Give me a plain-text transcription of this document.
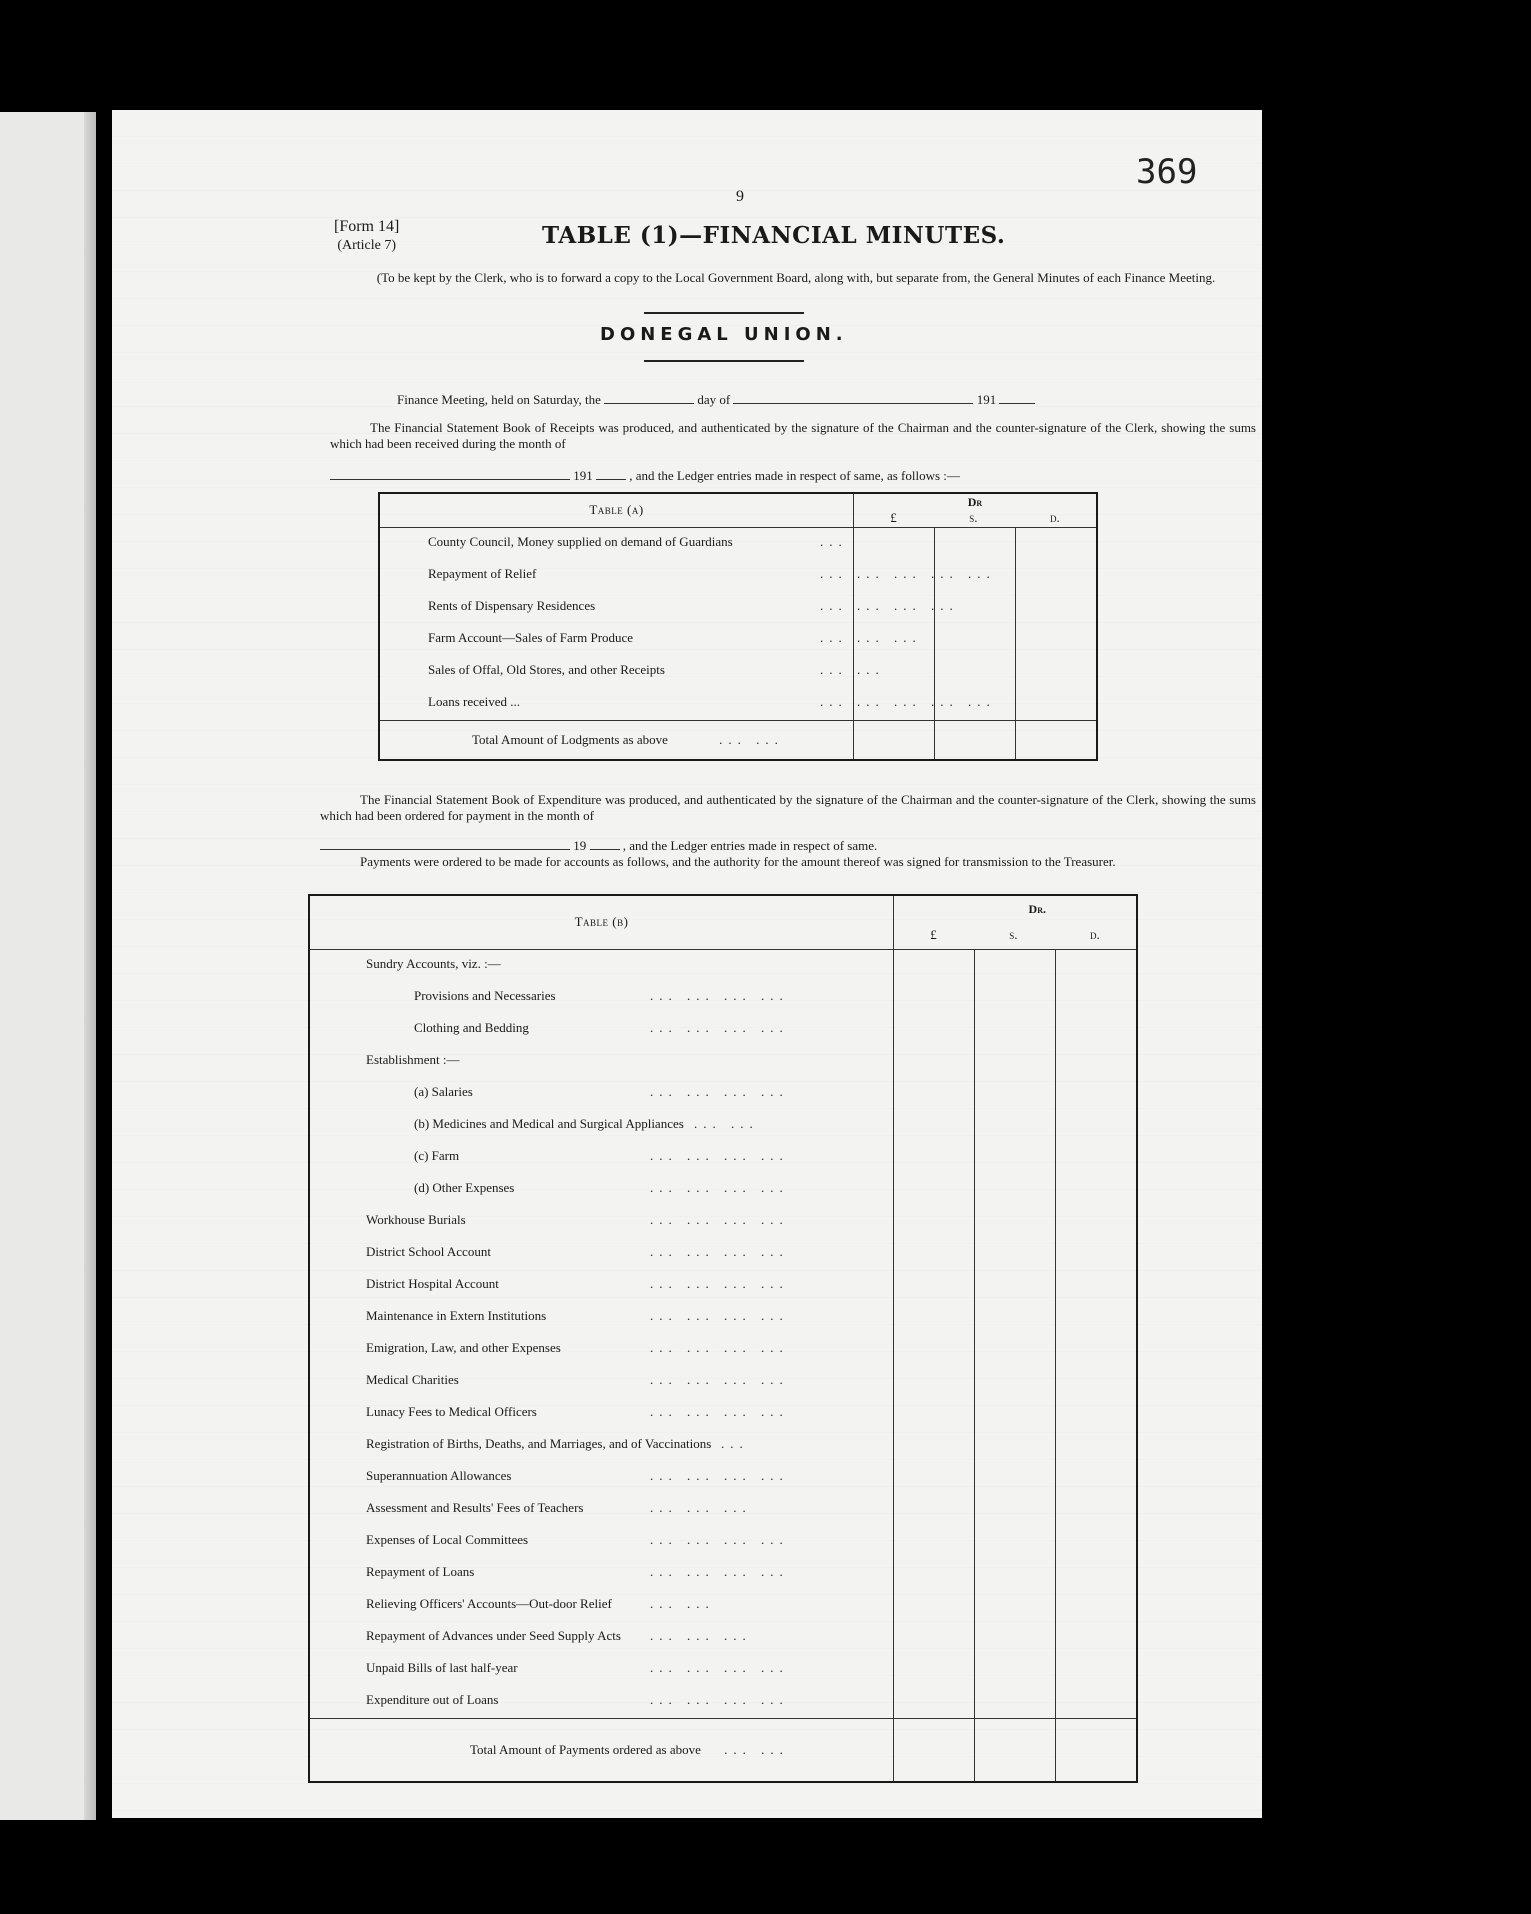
369
9
[Form 14]
(Article 7)	TABLE (1)—FINANCIAL MINUTES.
(To be kept by the Clerk, who is to forward a copy to the Local Government Board, along with, but separate from, the General Minutes of each Finance Meeting.
DONEGAL UNION.
Finance Meeting, held on Saturday, the	day of	191
The Financial Statement Book of Receipts was produced, and authenticated by the signature of the Chairman and the counter-signature of the Clerk, showing the sums which had been received during the month of
191	, and the Ledger entries made in respect of same, as follows :—
Table (a)	Dr
£ s. d.		

County Council, Money supplied on demand of Guardians ...			

Repayment of Relief ... ... ... ... ...			

Rents of Dispensary Residences ... ... ... ...			

Farm Account—Sales of Farm Produce ... ... ...			

Sales of Offal, Old Stores, and other Receipts ... ...			

Loans received ... ... ... ... ... ...			

Total Amount of Lodgments as above ... ...			
The Financial Statement Book of Expenditure was produced, and authenticated by the signature of the Chairman and the counter-signature of the Clerk, showing the sums which had been ordered for payment in the month of
19	, and the Ledger entries made in respect of same.
Payments were ordered to be made for accounts as follows, and the authority for the amount thereof was signed for transmission to the Treasurer.
Table (b)	Dr.
£ s. d.		

Sundry Accounts, viz. :—			

Provisions and Necessaries ... ... ... ...			

Clothing and Bedding ... ... ... ...			

Establishment :—			

(a) Salaries ... ... ... ...			

(b) Medicines and Medical and Surgical Appliances ... ...			

(c) Farm ... ... ... ...			

(d) Other Expenses ... ... ... ...			

Workhouse Burials ... ... ... ...			

District School Account ... ... ... ...			

District Hospital Account ... ... ... ...			

Maintenance in Extern Institutions ... ... ... ...			

Emigration, Law, and other Expenses ... ... ... ...			

Medical Charities ... ... ... ...			

Lunacy Fees to Medical Officers ... ... ... ...			

Registration of Births, Deaths, and Marriages, and of Vaccinations ...			

Superannuation Allowances ... ... ... ...			

Assessment and Results' Fees of Teachers ... ... ...			

Expenses of Local Committees ... ... ... ...			

Repayment of Loans ... ... ... ...			

Relieving Officers' Accounts—Out-door Relief ... ...			

Repayment of Advances under Seed Supply Acts ... ... ...			

Unpaid Bills of last half-year ... ... ... ...			

Expenditure out of Loans ... ... ... ...			

Total Amount of Payments ordered as above ... ...			
